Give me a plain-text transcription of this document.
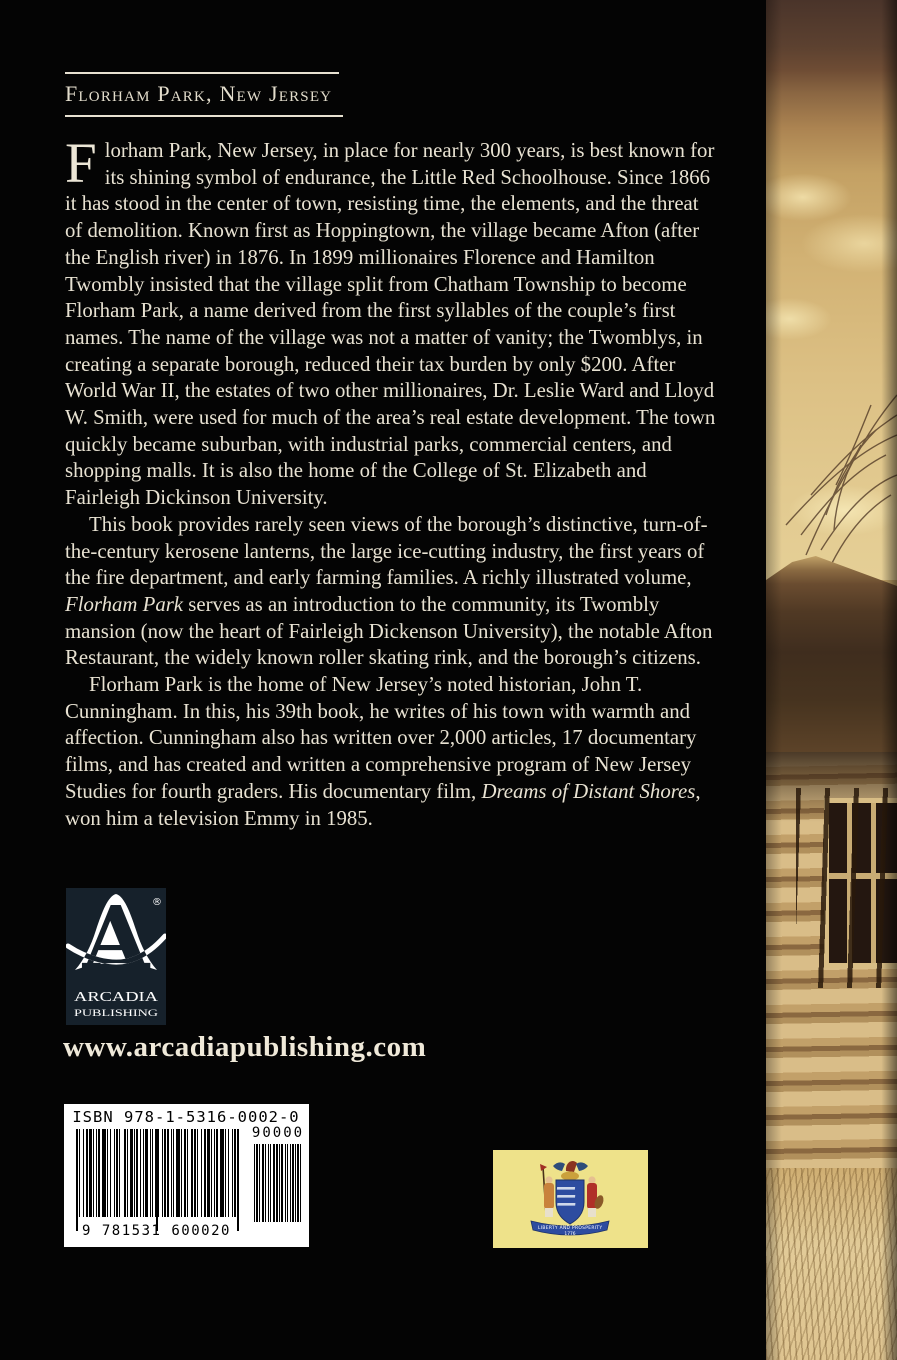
Florham Park, New Jersey

Florham Park, New Jersey, in place for nearly 300 years, is best known for its shining symbol of endurance, the Little Red Schoolhouse. Since 1866 it has stood in the center of town, resisting time, the elements, and the threat of demolition. Known first as Hoppingtown, the village became Afton (after the English river) in 1876. In 1899 millionaires Florence and Hamilton Twombly insisted that the village split from Chatham Township to become Florham Park, a name derived from the first syllables of the couple’s first names. The name of the village was not a matter of vanity; the Twomblys, in creating a separate borough, reduced their tax burden by only $200. After World War II, the estates of two other millionaires, Dr. Leslie Ward and Lloyd W. Smith, were used for much of the area’s real estate development. The town quickly became suburban, with industrial parks, commercial centers, and shopping malls. It is also the home of the College of St. Elizabeth and Fairleigh Dickinson University.

This book provides rarely seen views of the borough’s distinctive, turn-of-the-century kerosene lanterns, the large ice-cutting industry, the first years of the fire department, and early farming families. A richly illustrated volume, Florham Park serves as an introduction to the community, its Twombly mansion (now the heart of Fairleigh Dickenson University), the notable Afton Restaurant, the widely known roller skating rink, and the borough’s citizens.

Florham Park is the home of New Jersey’s noted historian, John T. Cunningham. In this, his 39th book, he writes of his town with warmth and affection. Cunningham also has written over 2,000 articles, 17 documentary films, and has created and written a comprehensive program of New Jersey Studies for fourth graders. His documentary film, Dreams of Distant Shores, won him a television Emmy in 1985.

A ®
ARCADIA
PUBLISHING
www.arcadiapublishing.com
ISBN 978-1-5316-0002-0
9 781531 600020
90000
LIBERTY AND PROSPERITY
1776
